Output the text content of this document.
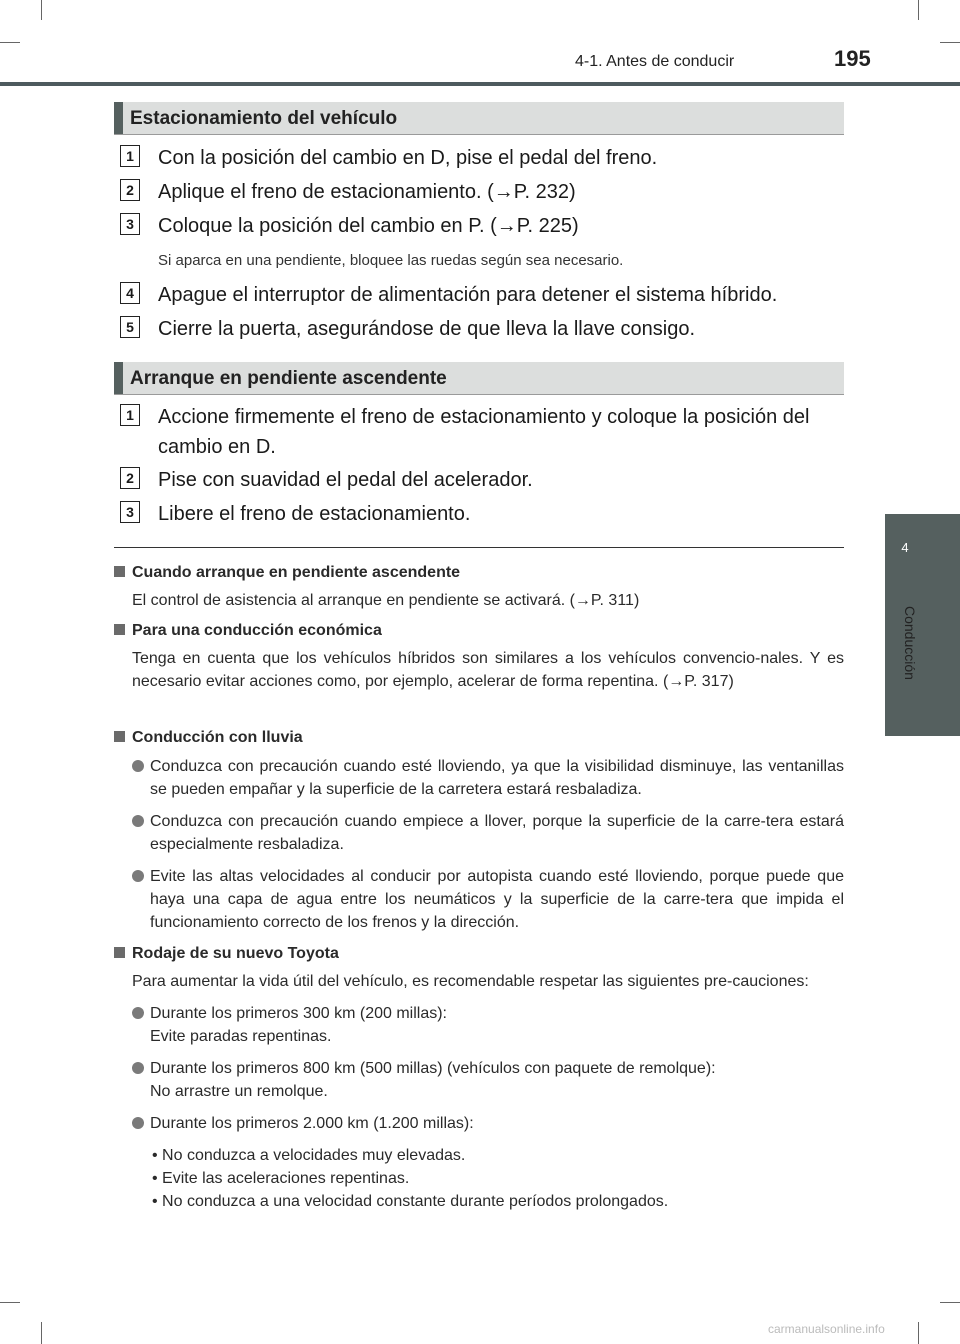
4-1. Antes de conducir	195
4
Conducción
Estacionamiento del vehículo
1	Con la posición del cambio en D, pise el pedal del freno.
2	Aplique el freno de estacionamiento. (→P. 232)
3	Coloque la posición del cambio en P. (→P. 225)
Si aparca en una pendiente, bloquee las ruedas según sea necesario.
4	Apague el interruptor de alimentación para detener el sistema híbrido.
5	Cierre la puerta, asegurándose de que lleva la llave consigo.
Arranque en pendiente ascendente
1	Accione firmemente el freno de estacionamiento y coloque la posición del cambio en D.
2	Pise con suavidad el pedal del acelerador.
3	Libere el freno de estacionamiento.
Cuando arranque en pendiente ascendente
El control de asistencia al arranque en pendiente se activará. (→P. 311)
Para una conducción económica
Tenga en cuenta que los vehículos híbridos son similares a los vehículos convencio-nales. Y es necesario evitar acciones como, por ejemplo, acelerar de forma repentina. (→P. 317)
Conducción con lluvia
Conduzca con precaución cuando esté lloviendo, ya que la visibilidad disminuye, las ventanillas se pueden empañar y la superficie de la carretera estará resbaladiza.
Conduzca con precaución cuando empiece a llover, porque la superficie de la carre-tera estará especialmente resbaladiza.
Evite las altas velocidades al conducir por autopista cuando esté lloviendo, porque puede que haya una capa de agua entre los neumáticos y la superficie de la carre-tera que impida el funcionamiento correcto de los frenos y la dirección.
Rodaje de su nuevo Toyota
Para aumentar la vida útil del vehículo, es recomendable respetar las siguientes pre-cauciones:
Durante los primeros 300 km (200 millas):
Evite paradas repentinas.
Durante los primeros 800 km (500 millas) (vehículos con paquete de remolque):
No arrastre un remolque.
Durante los primeros 2.000 km (1.200 millas):
• No conduzca a velocidades muy elevadas.
• Evite las aceleraciones repentinas.
• No conduzca a una velocidad constante durante períodos prolongados.
carmanualsonline.info
